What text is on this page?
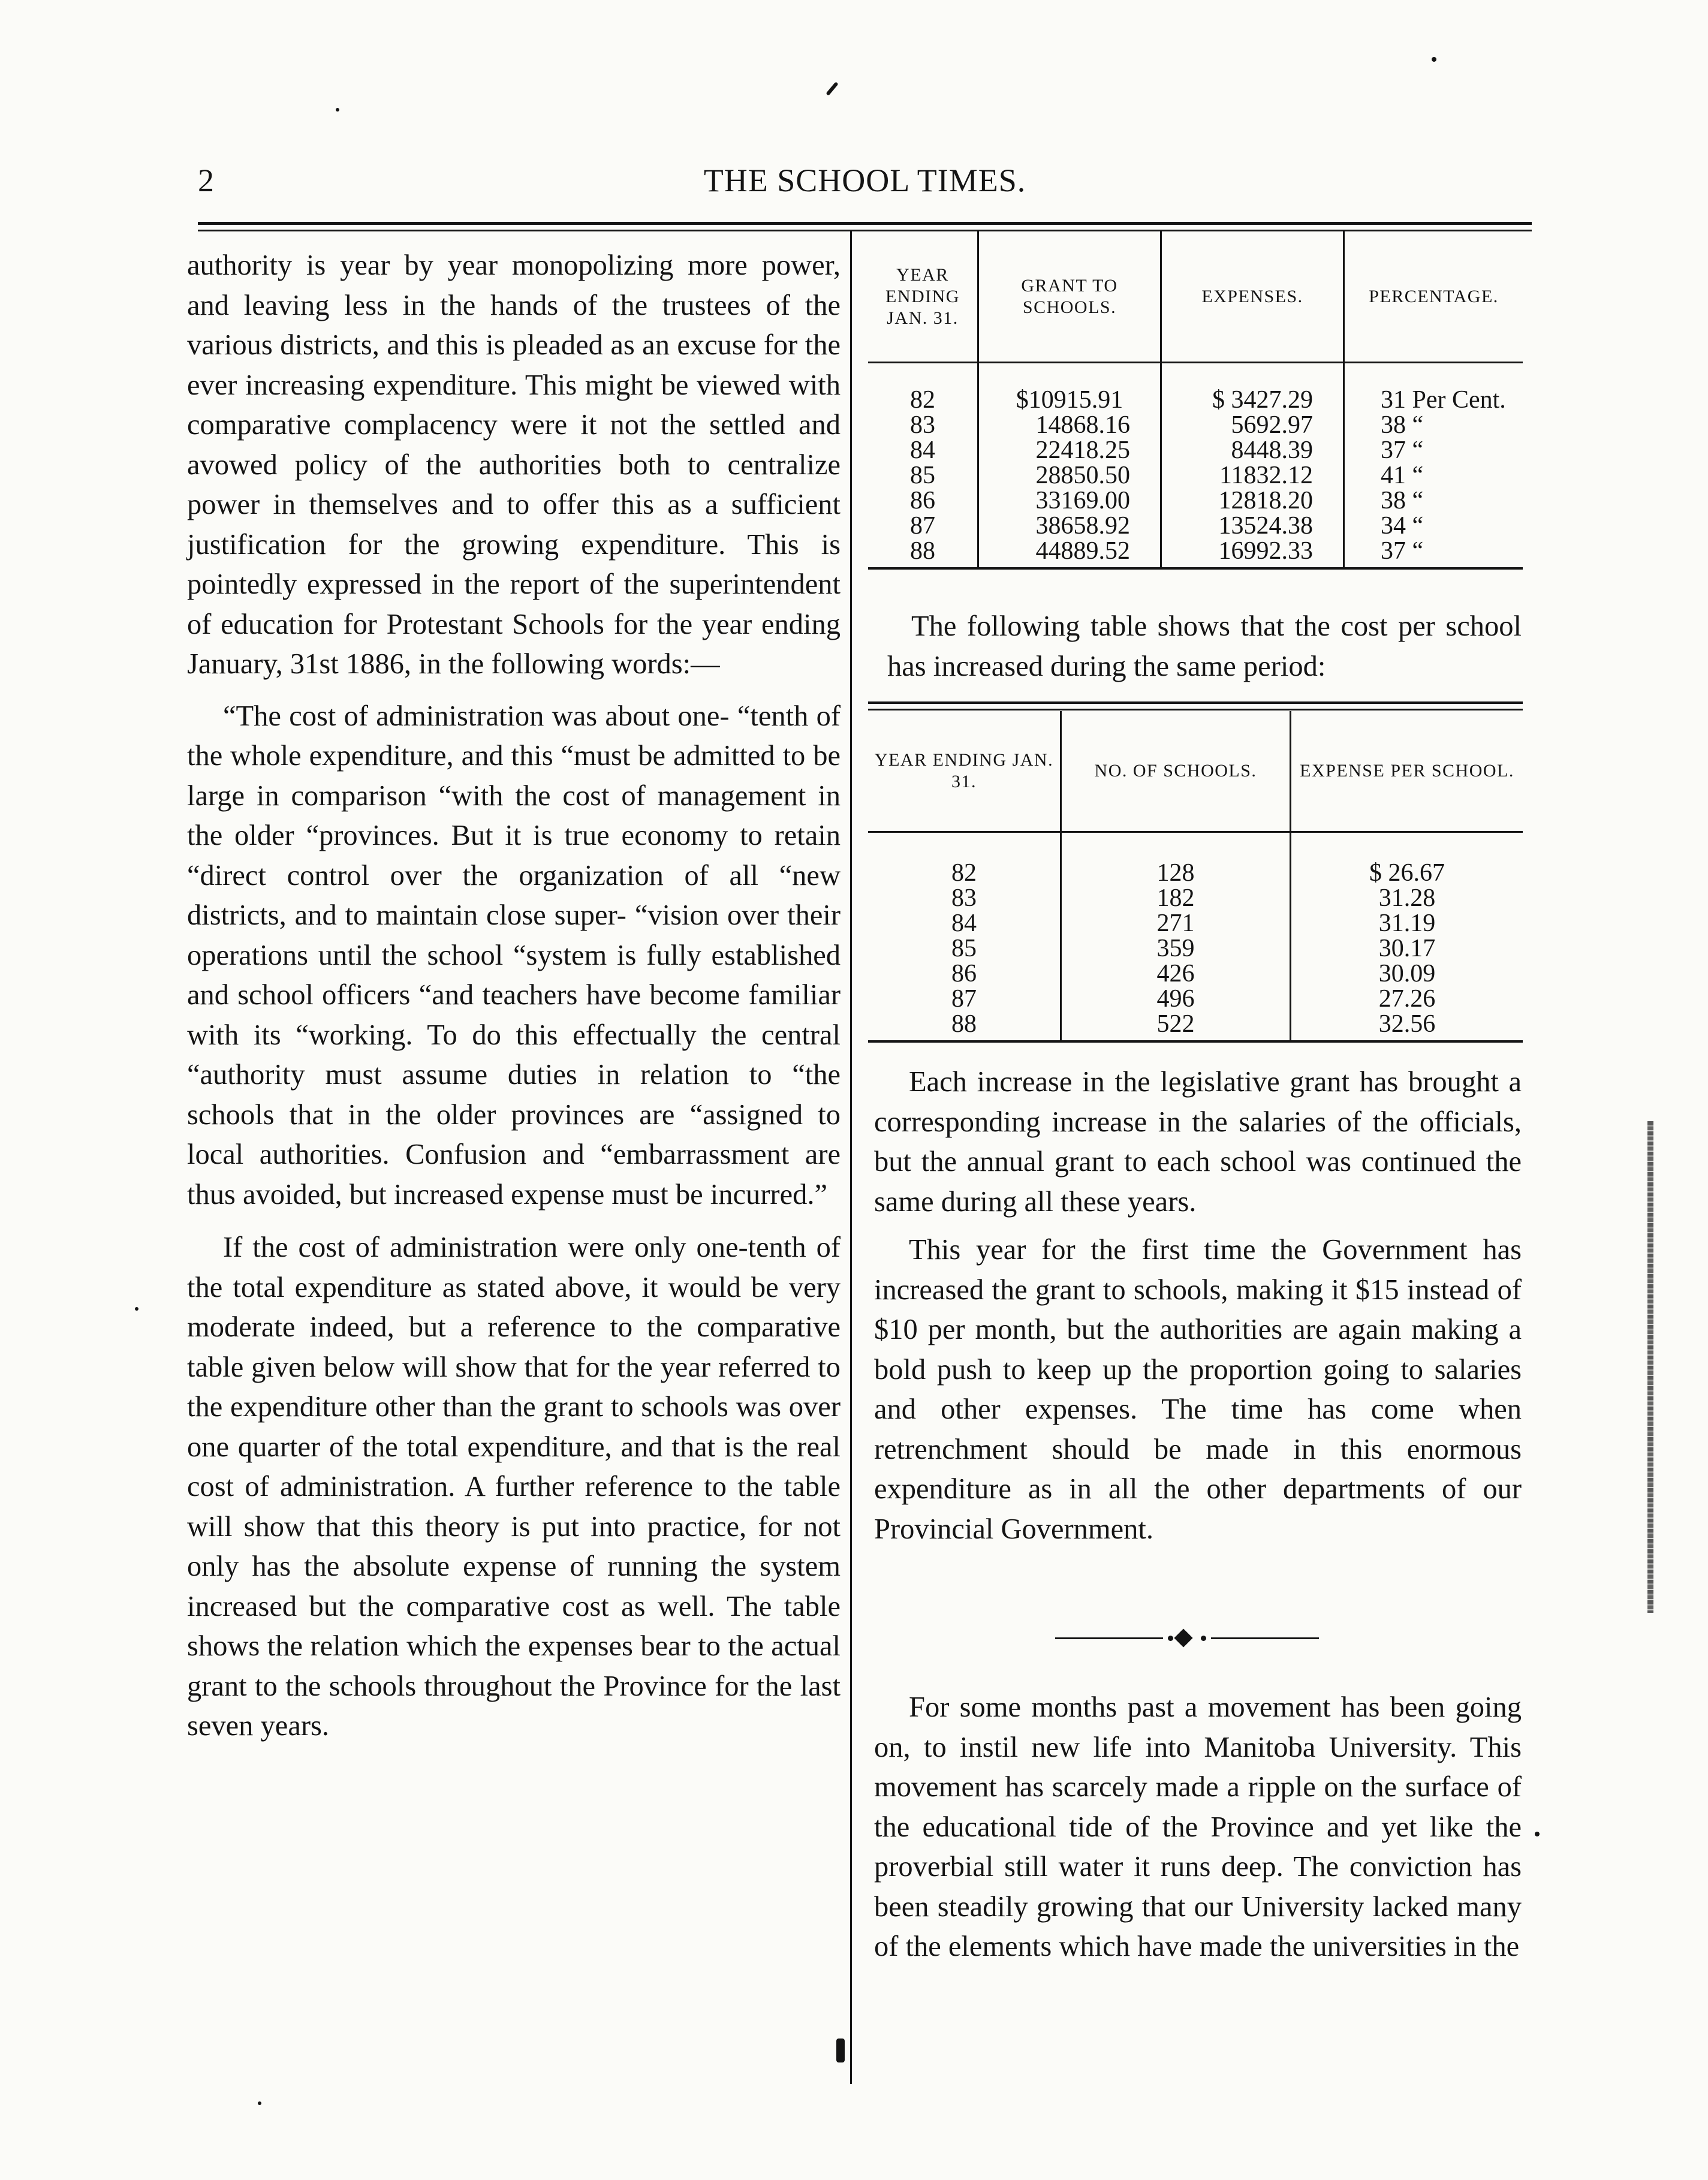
2	THE SCHOOL TIMES.

authority is year by year monopolizing more power, and leaving less in the hands of the trustees of the various districts, and this is pleaded as an excuse for the ever increasing expenditure. This might be viewed with comparative complacency were it not the settled and avowed policy of the authorities both to centralize power in themselves and to offer this as a sufficient justification for the growing expenditure. This is pointedly expressed in the report of the superintendent of education for Protestant Schools for the year ending January, 31st 1886, in the following words:—

“The cost of administration was about one- “tenth of the whole expenditure, and this “must be admitted to be large in comparison “with the cost of management in the older “provinces. But it is true economy to retain “direct control over the organization of all “new districts, and to maintain close super- “vision over their operations until the school “system is fully established and school officers “and teachers have become familiar with its “working. To do this effectually the central “authority must assume duties in relation to “the schools that in the older provinces are “assigned to local authorities. Confusion and “embarrassment are thus avoided, but increased expense must be incurred.”

If the cost of administration were only one-tenth of the total expenditure as stated above, it would be very moderate indeed, but a reference to the comparative table given below will show that for the year referred to the expenditure other than the grant to schools was over one quarter of the total expenditure, and that is the real cost of administration. A further reference to the table will show that this theory is put into practice, for not only has the absolute expense of running the system increased but the comparative cost as well. The table shows the relation which the expenses bear to the actual grant to the schools throughout the Province for the last seven years.

YEAR ENDING JAN. 31.	GRANT TO SCHOOLS.	EXPENSES.	PERCENTAGE.
82	$10915.91	$ 3427.29	31 Per Cent.
83	14868.16	5692.97	38 “
84	22418.25	8448.39	37 “
85	28850.50	11832.12	41 “
86	33169.00	12818.20	38 “
87	38658.92	13524.38	34 “
88	44889.52	16992.33	37 “

The following table shows that the cost per school has increased during the same period:

YEAR ENDING JAN. 31.	NO. OF SCHOOLS.	EXPENSE PER SCHOOL.
82	128	$ 26.67
83	182	31.28
84	271	31.19
85	359	30.17
86	426	30.09
87	496	27.26
88	522	32.56

Each increase in the legislative grant has brought a corresponding increase in the salaries of the officials, but the annual grant to each school was continued the same during all these years.

This year for the first time the Government has increased the grant to schools, making it $15 instead of $10 per month, but the authorities are again making a bold push to keep up the proportion going to salaries and other expenses. The time has come when retrenchment should be made in this enormous expenditure as in all the other departments of our Provincial Government.

For some months past a movement has been going on, to instil new life into Manitoba University. This movement has scarcely made a ripple on the surface of the educational tide of the Province and yet like the proverbial still water it runs deep. The conviction has been steadily growing that our University lacked many of the elements which have made the universities in the
